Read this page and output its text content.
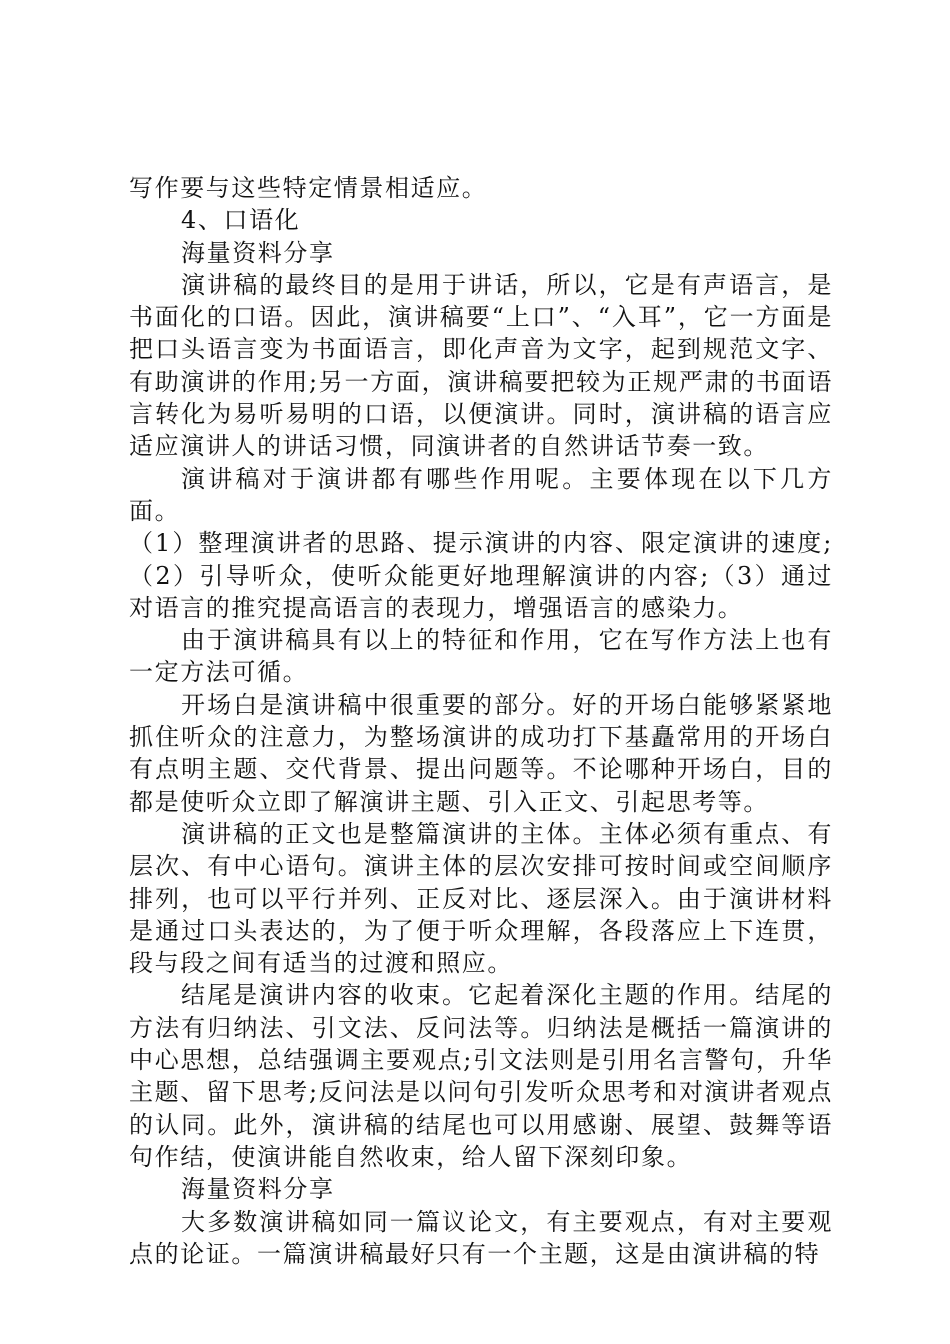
写作要与这些特定情景相适应。

4、口语化

海量资料分享

演讲稿的最终目的是用于讲话，所以，它是有声语言，是书面化的口语。因此，演讲稿要“上口”、“入耳”，它一方面是把口头语言变为书面语言，即化声音为文字，起到规范文字、有助演讲的作用;另一方面，演讲稿要把较为正规严肃的书面语言转化为易听易明的口语，以便演讲。同时，演讲稿的语言应适应演讲人的讲话习惯，同演讲者的自然讲话节奏一致。

演讲稿对于演讲都有哪些作用呢。主要体现在以下几方面。

（1）整理演讲者的思路、提示演讲的内容、限定演讲的速度;（2）引导听众，使听众能更好地理解演讲的内容;（3）通过对语言的推究提高语言的表现力，增强语言的感染力。

由于演讲稿具有以上的特征和作用，它在写作方法上也有一定方法可循。

开场白是演讲稿中很重要的部分。好的开场白能够紧紧地抓住听众的注意力，为整场演讲的成功打下基矗常用的开场白有点明主题、交代背景、提出问题等。不论哪种开场白，目的都是使听众立即了解演讲主题、引入正文、引起思考等。

演讲稿的正文也是整篇演讲的主体。主体必须有重点、有层次、有中心语句。演讲主体的层次安排可按时间或空间顺序排列，也可以平行并列、正反对比、逐层深入。由于演讲材料是通过口头表达的，为了便于听众理解，各段落应上下连贯，段与段之间有适当的过渡和照应。

结尾是演讲内容的收束。它起着深化主题的作用。结尾的方法有归纳法、引文法、反问法等。归纳法是概括一篇演讲的中心思想，总结强调主要观点;引文法则是引用名言警句，升华主题、留下思考;反问法是以问句引发听众思考和对演讲者观点的认同。此外，演讲稿的结尾也可以用感谢、展望、鼓舞等语句作结，使演讲能自然收束，给人留下深刻印象。

海量资料分享

大多数演讲稿如同一篇议论文，有主要观点，有对主要观点的论证。一篇演讲稿最好只有一个主题，这是由演讲稿的特
